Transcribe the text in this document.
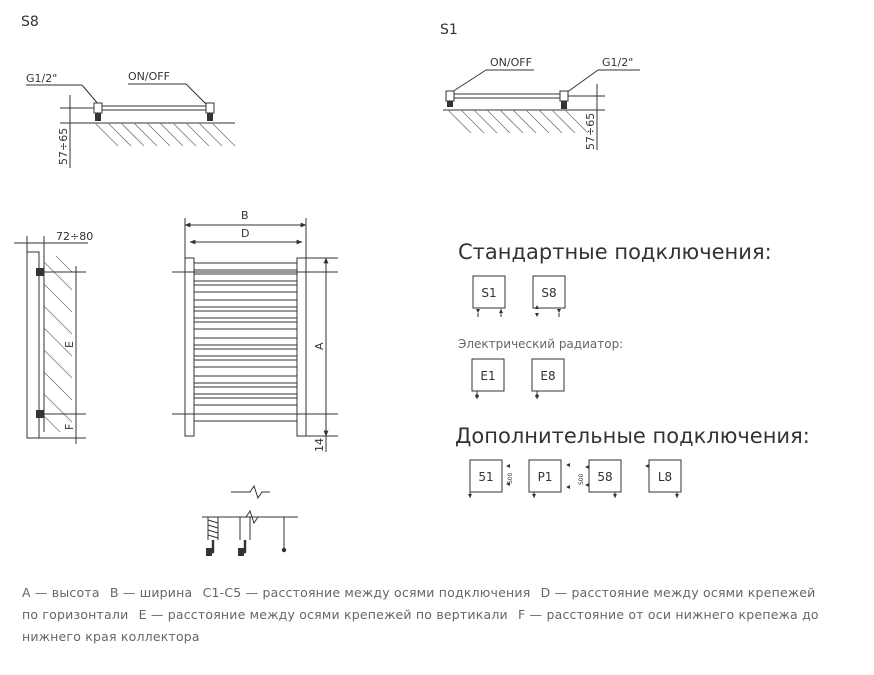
S8
G1/2"	ON/OFF
57÷65
S1
ON/OFF	G1/2"
57÷65
72÷80
E
F
B
D
A
14
Стандартные подключения:
S1	S8
Электрический радиатор:
E1	E8
Дополнительные подключения:
51 S00 P1	58
S00	L8
A — высота B — ширина C1-C5 — расстояние между осями подключения D — расстояние между осями крепежей по горизонтали E — расстояние между осями крепежей по вертикали F — расстояние от оси нижнего крепежа до нижнего края коллектора
